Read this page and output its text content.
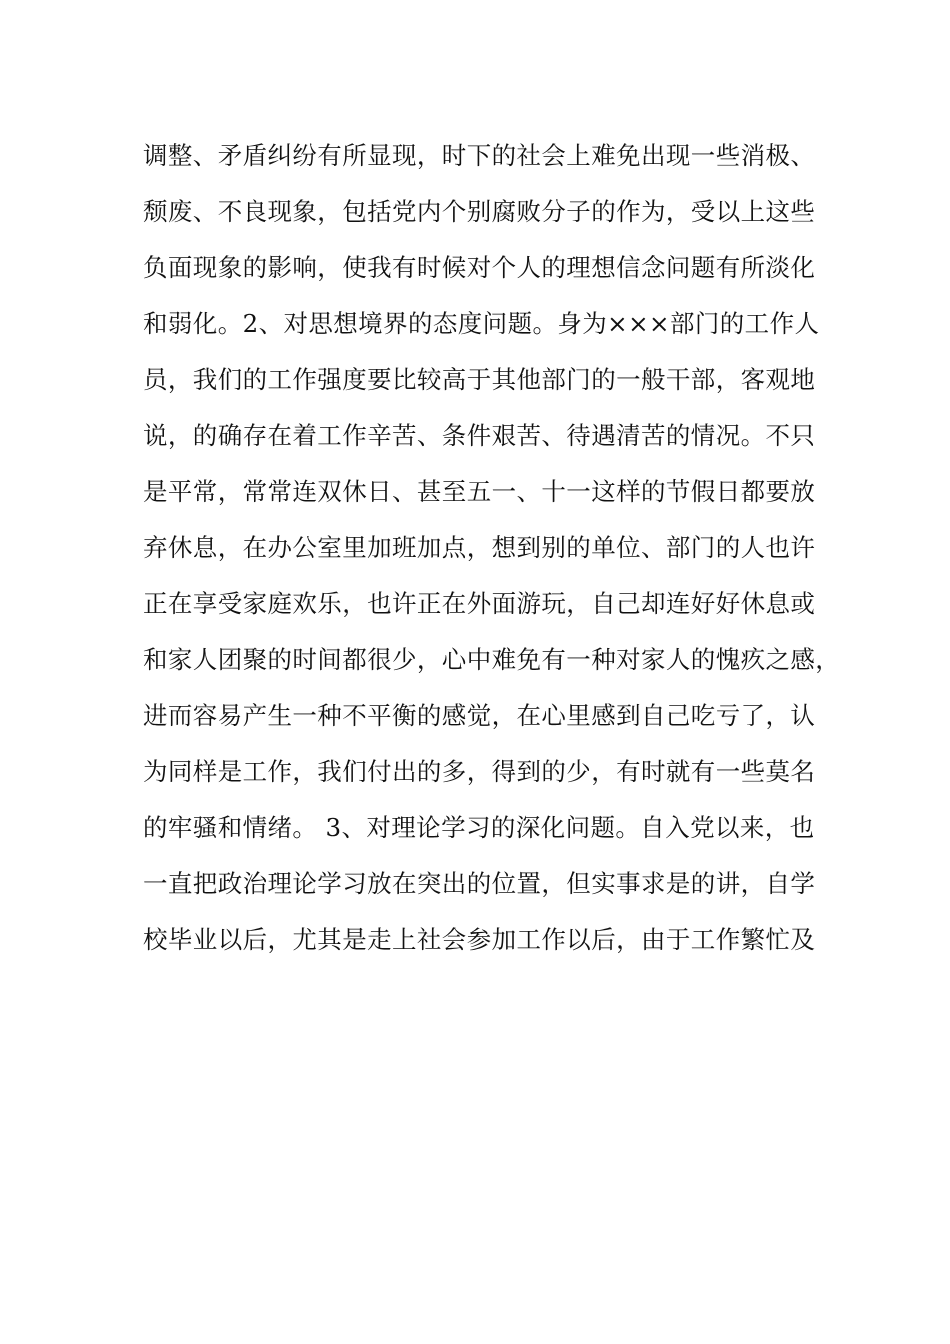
调整、矛盾纠纷有所显现，时下的社会上难免出现一些消极、
颓废、不良现象，包括党内个别腐败分子的作为，受以上这些
负面现象的影响，使我有时候对个人的理想信念问题有所淡化
和弱化。2、对思想境界的态度问题。身为×××部门的工作人
员，我们的工作强度要比较高于其他部门的一般干部，客观地
说，的确存在着工作辛苦、条件艰苦、待遇清苦的情况。不只
是平常，常常连双休日、甚至五一、十一这样的节假日都要放
弃休息，在办公室里加班加点，想到别的单位、部门的人也许
正在享受家庭欢乐，也许正在外面游玩，自己却连好好休息或
和家人团聚的时间都很少，心中难免有一种对家人的愧疚之感，
进而容易产生一种不平衡的感觉，在心里感到自己吃亏了，认
为同样是工作，我们付出的多，得到的少，有时就有一些莫名
的牢骚和情绪。 3、对理论学习的深化问题。自入党以来，也
一直把政治理论学习放在突出的位置，但实事求是的讲，自学
校毕业以后，尤其是走上社会参加工作以后，由于工作繁忙及
